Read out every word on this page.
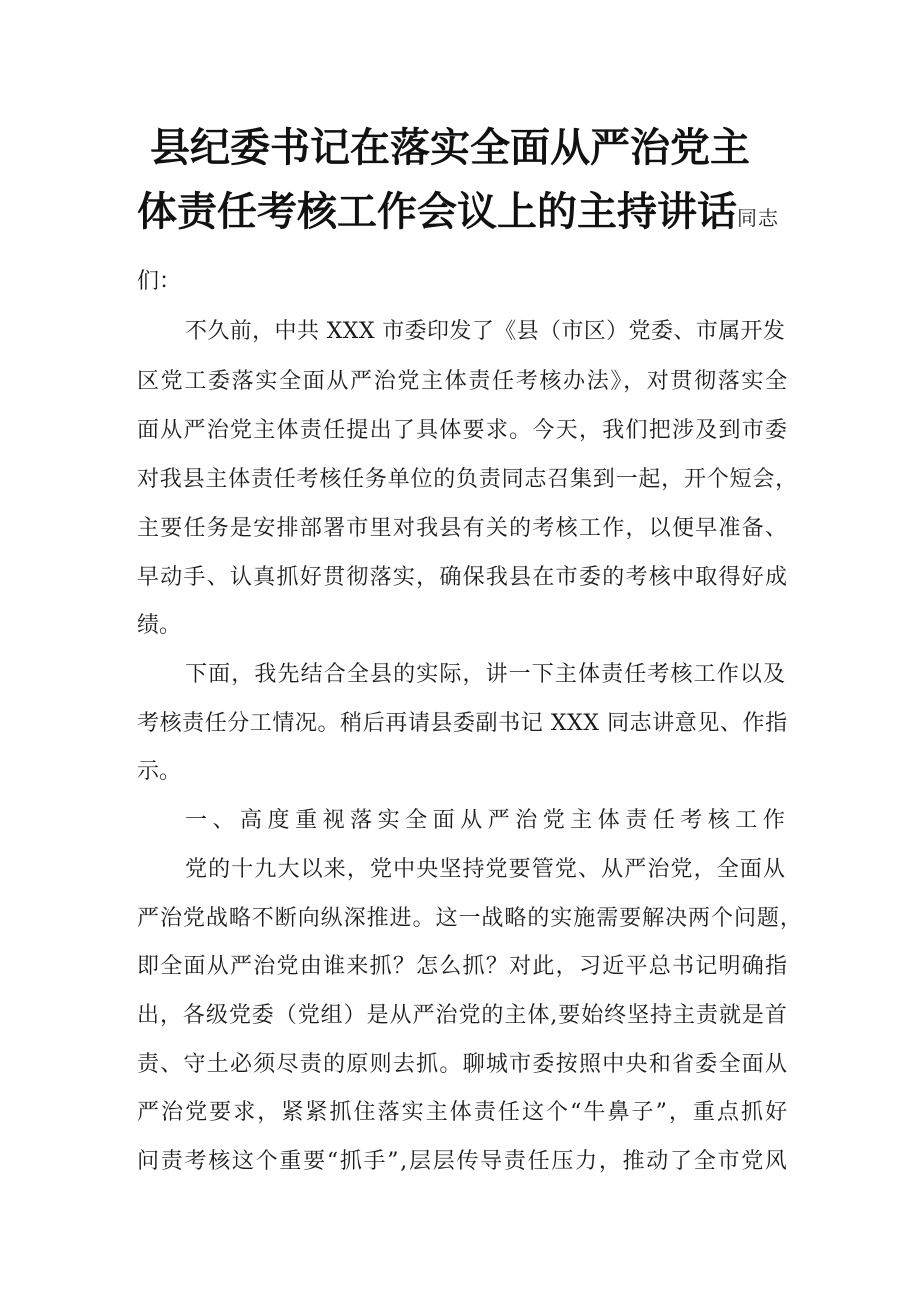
县纪委书记在落实全面从严治党主
体责任考核工作会议上的主持讲话同志
们：
不久前，中共 XXX 市委印发了《县（市区）党委、市属开发
区党工委落实全面从严治党主体责任考核办法》，对贯彻落实全
面从严治党主体责任提出了具体要求。今天，我们把涉及到市委
对我县主体责任考核任务单位的负责同志召集到一起，开个短会，
主要任务是安排部署市里对我县有关的考核工作，以便早准备、
早动手、认真抓好贯彻落实，确保我县在市委的考核中取得好成
绩。
下面，我先结合全县的实际，讲一下主体责任考核工作以及
考核责任分工情况。稍后再请县委副书记 XXX 同志讲意见、作指
示。
一、高度重视落实全面从严治党主体责任考核工作
党的十九大以来，党中央坚持党要管党、从严治党，全面从
严治党战略不断向纵深推进。这一战略的实施需要解决两个问题，
即全面从严治党由谁来抓？怎么抓？对此，习近平总书记明确指
出，各级党委（党组）是从严治党的主体,要始终坚持主责就是首
责、守土必须尽责的原则去抓。聊城市委按照中央和省委全面从
严治党要求，紧紧抓住落实主体责任这个“牛鼻子”，重点抓好
问责考核这个重要“抓手”,层层传导责任压力，推动了全市党风
